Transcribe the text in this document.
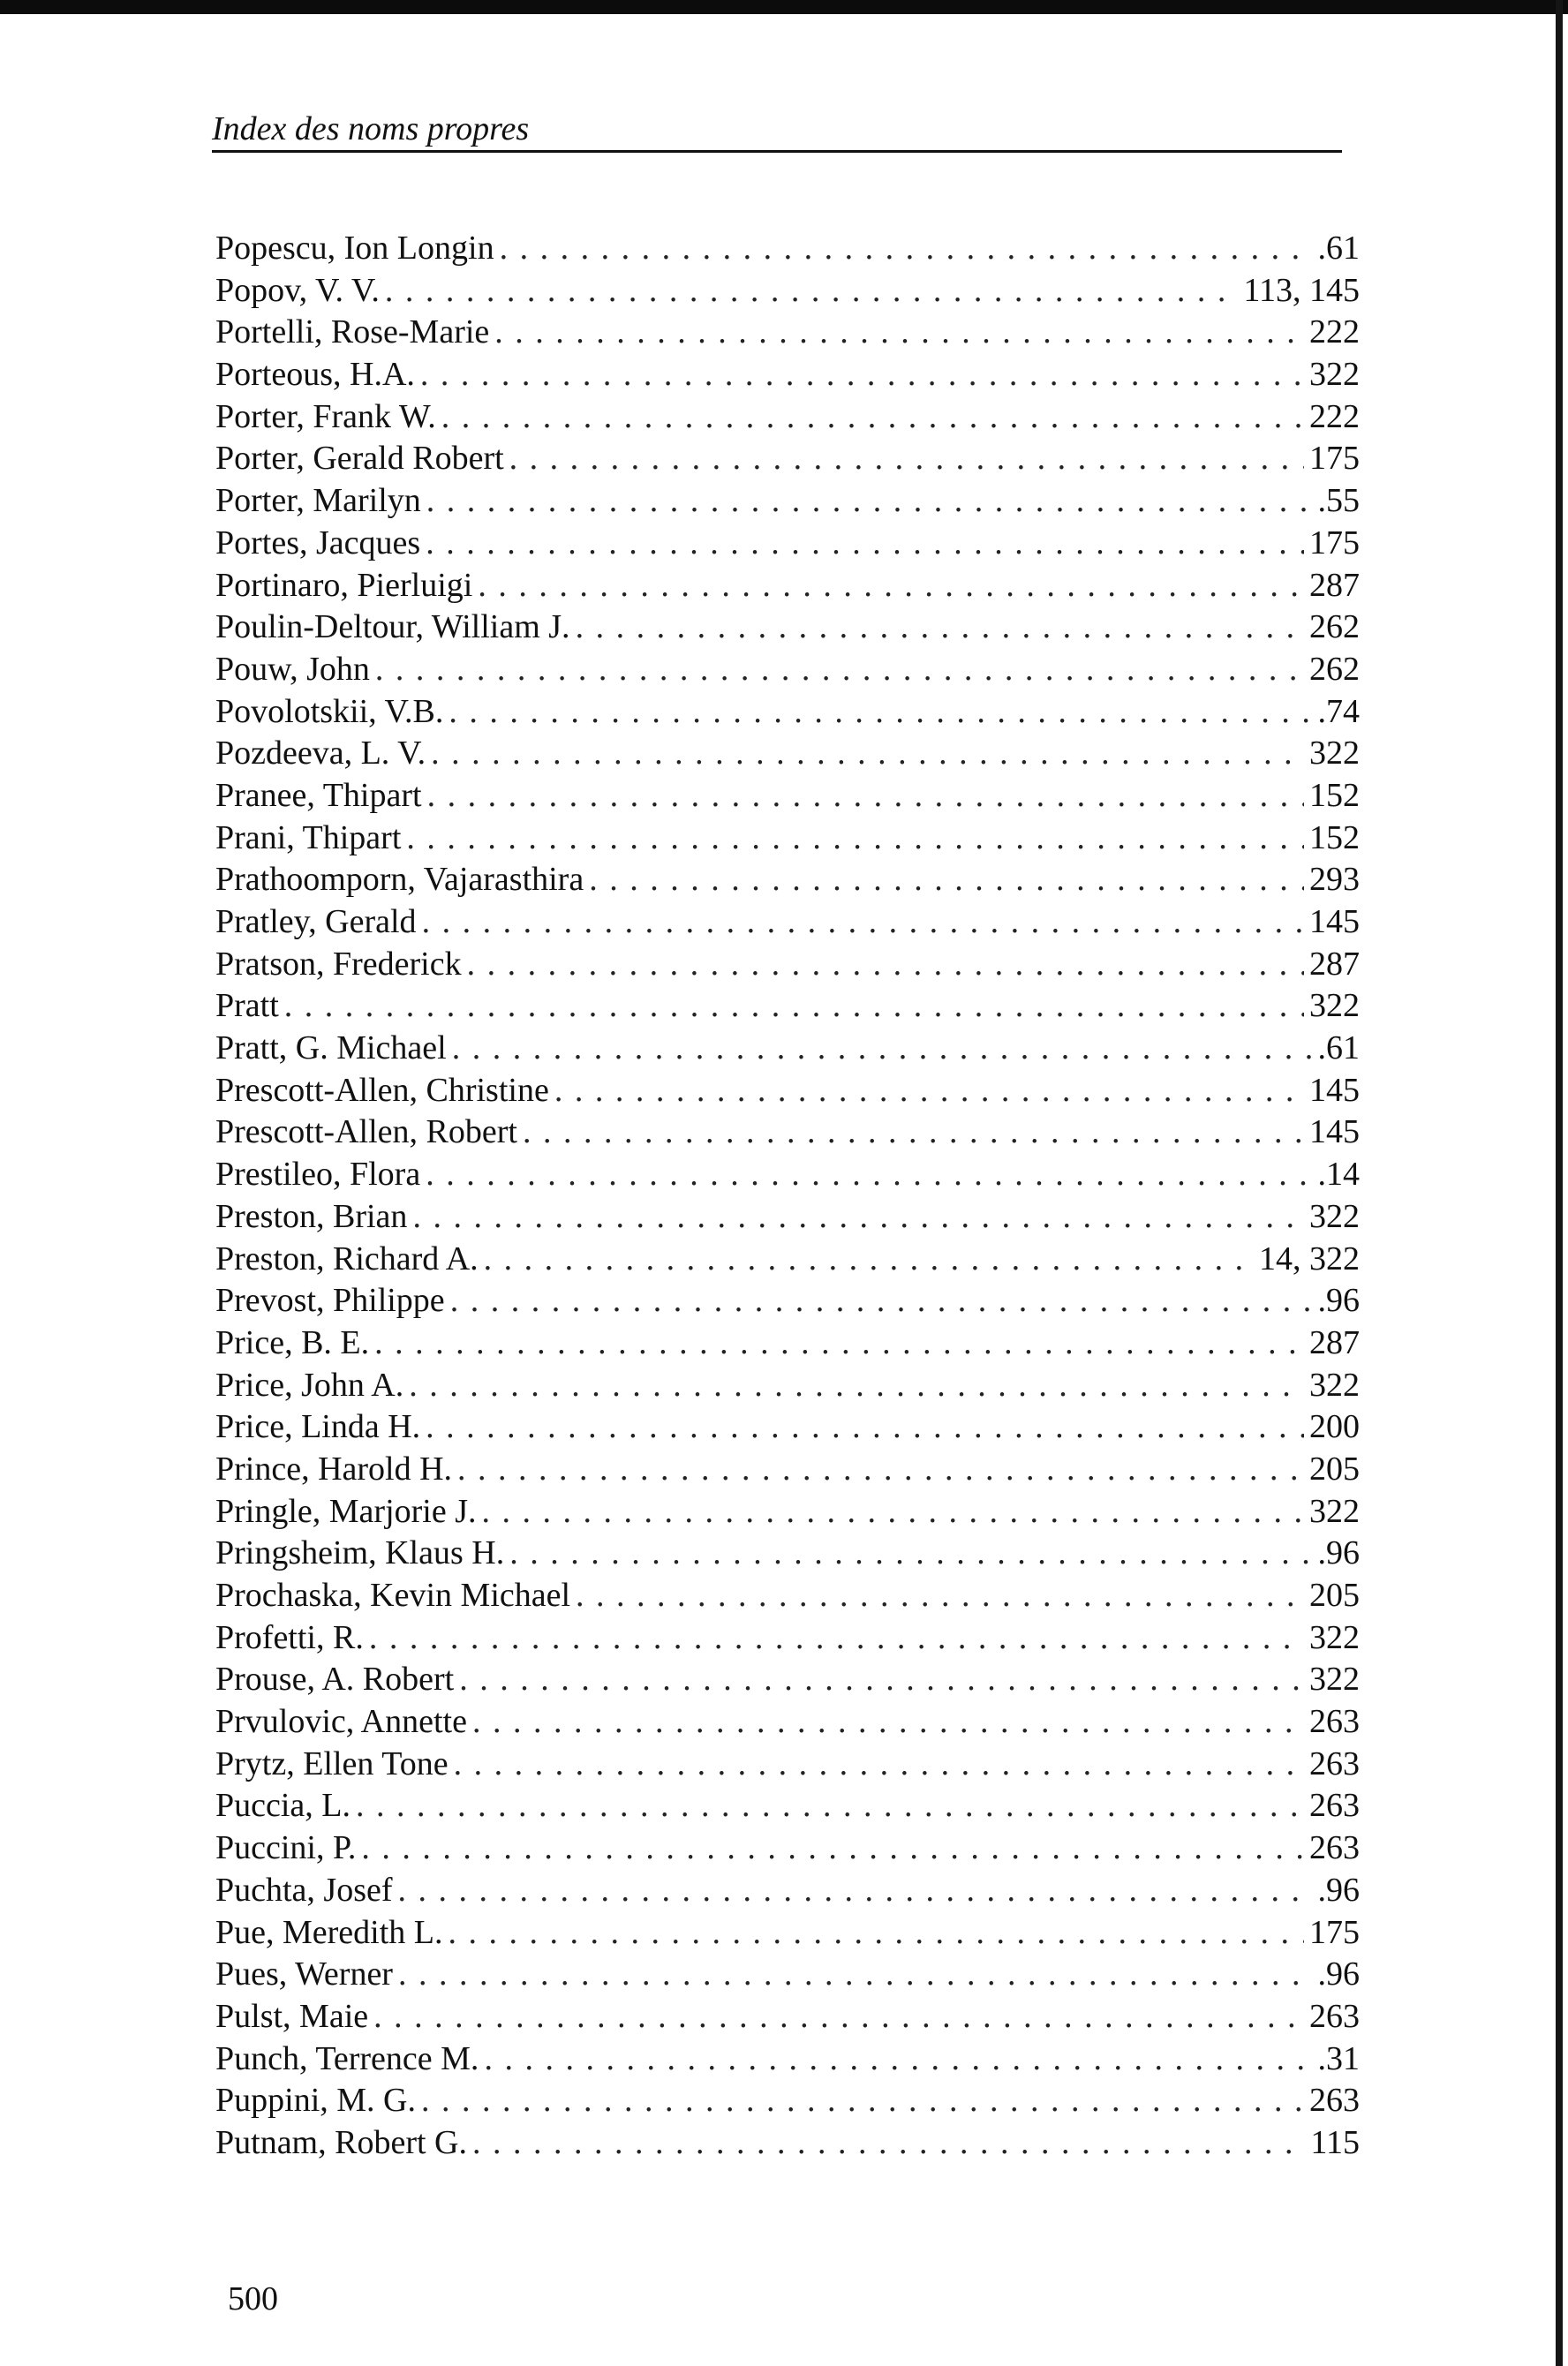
Index des noms propres
Popescu, Ion Longin . . .	.61
Popov, V. V. . . .	113, 145
Portelli, Rose-Marie . . .	222
Porteous, H.A. . . .	322
Porter, Frank W. . . .	222
Porter, Gerald Robert . . .	175
Porter, Marilyn . . .	.55
Portes, Jacques . . .	175
Portinaro, Pierluigi . . .	287
Poulin-Deltour, William J. . . .	262
Pouw, John . . .	262
Povolotskii, V.B. . . .	.74
Pozdeeva, L. V. . . .	322
Pranee, Thipart . . .	152
Prani, Thipart . . .	152
Prathoomporn, Vajarasthira . . .	293
Pratley, Gerald . . .	145
Pratson, Frederick . . .	287
Pratt . . .	322
Pratt, G. Michael . . .	.61
Prescott-Allen, Christine . . .	145
Prescott-Allen, Robert . . .	145
Prestileo, Flora . . .	.14
Preston, Brian . . .	322
Preston, Richard A. . . .	14, 322
Prevost, Philippe . . .	.96
Price, B. E. . . .	287
Price, John A. . . .	322
Price, Linda H. . . .	200
Prince, Harold H. . . .	205
Pringle, Marjorie J. . . .	322
Pringsheim, Klaus H. . . .	.96
Prochaska, Kevin Michael . . .	205
Profetti, R. . . .	322
Prouse, A. Robert . . .	322
Prvulovic, Annette . . .	263
Prytz, Ellen Tone . . .	263
Puccia, L. . . .	263
Puccini, P. . . .	263
Puchta, Josef . . .	.96
Pue, Meredith L. . . .	175
Pues, Werner . . .	.96
Pulst, Maie . . .	263
Punch, Terrence M. . . .	.31
Puppini, M. G. . . .	263
Putnam, Robert G. . . .	115
500
